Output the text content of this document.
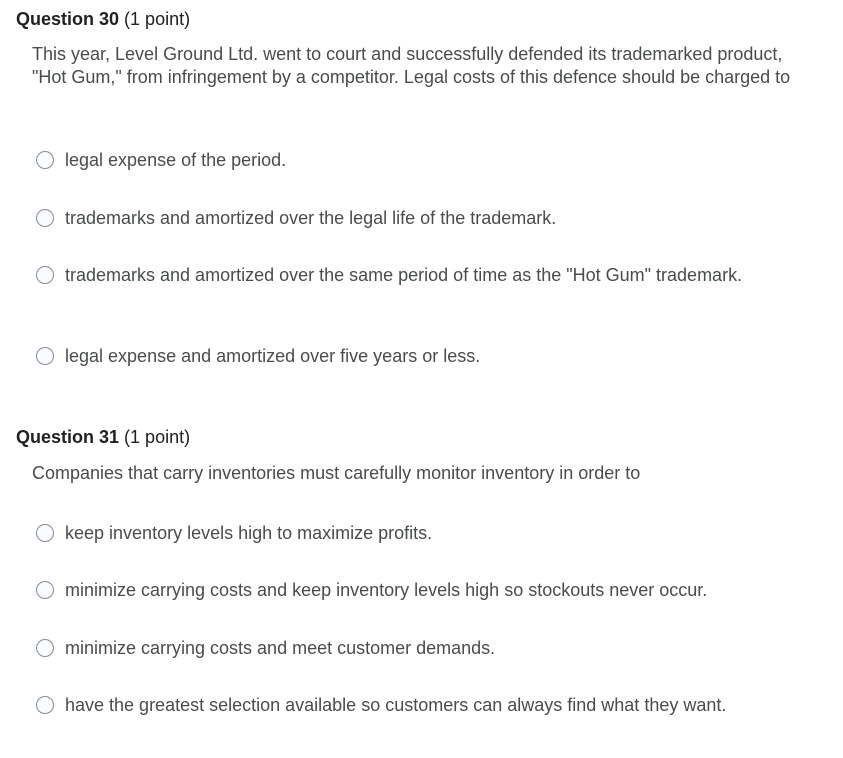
Question 30 (1 point)
This year, Level Ground Ltd. went to court and successfully defended its trademarked product, "Hot Gum," from infringement by a competitor. Legal costs of this defence should be charged to
legal expense of the period.
trademarks and amortized over the legal life of the trademark.
trademarks and amortized over the same period of time as the "Hot Gum" trademark.
legal expense and amortized over five years or less.
Question 31 (1 point)
Companies that carry inventories must carefully monitor inventory in order to
keep inventory levels high to maximize profits.
minimize carrying costs and keep inventory levels high so stockouts never occur.
minimize carrying costs and meet customer demands.
have the greatest selection available so customers can always find what they want.
